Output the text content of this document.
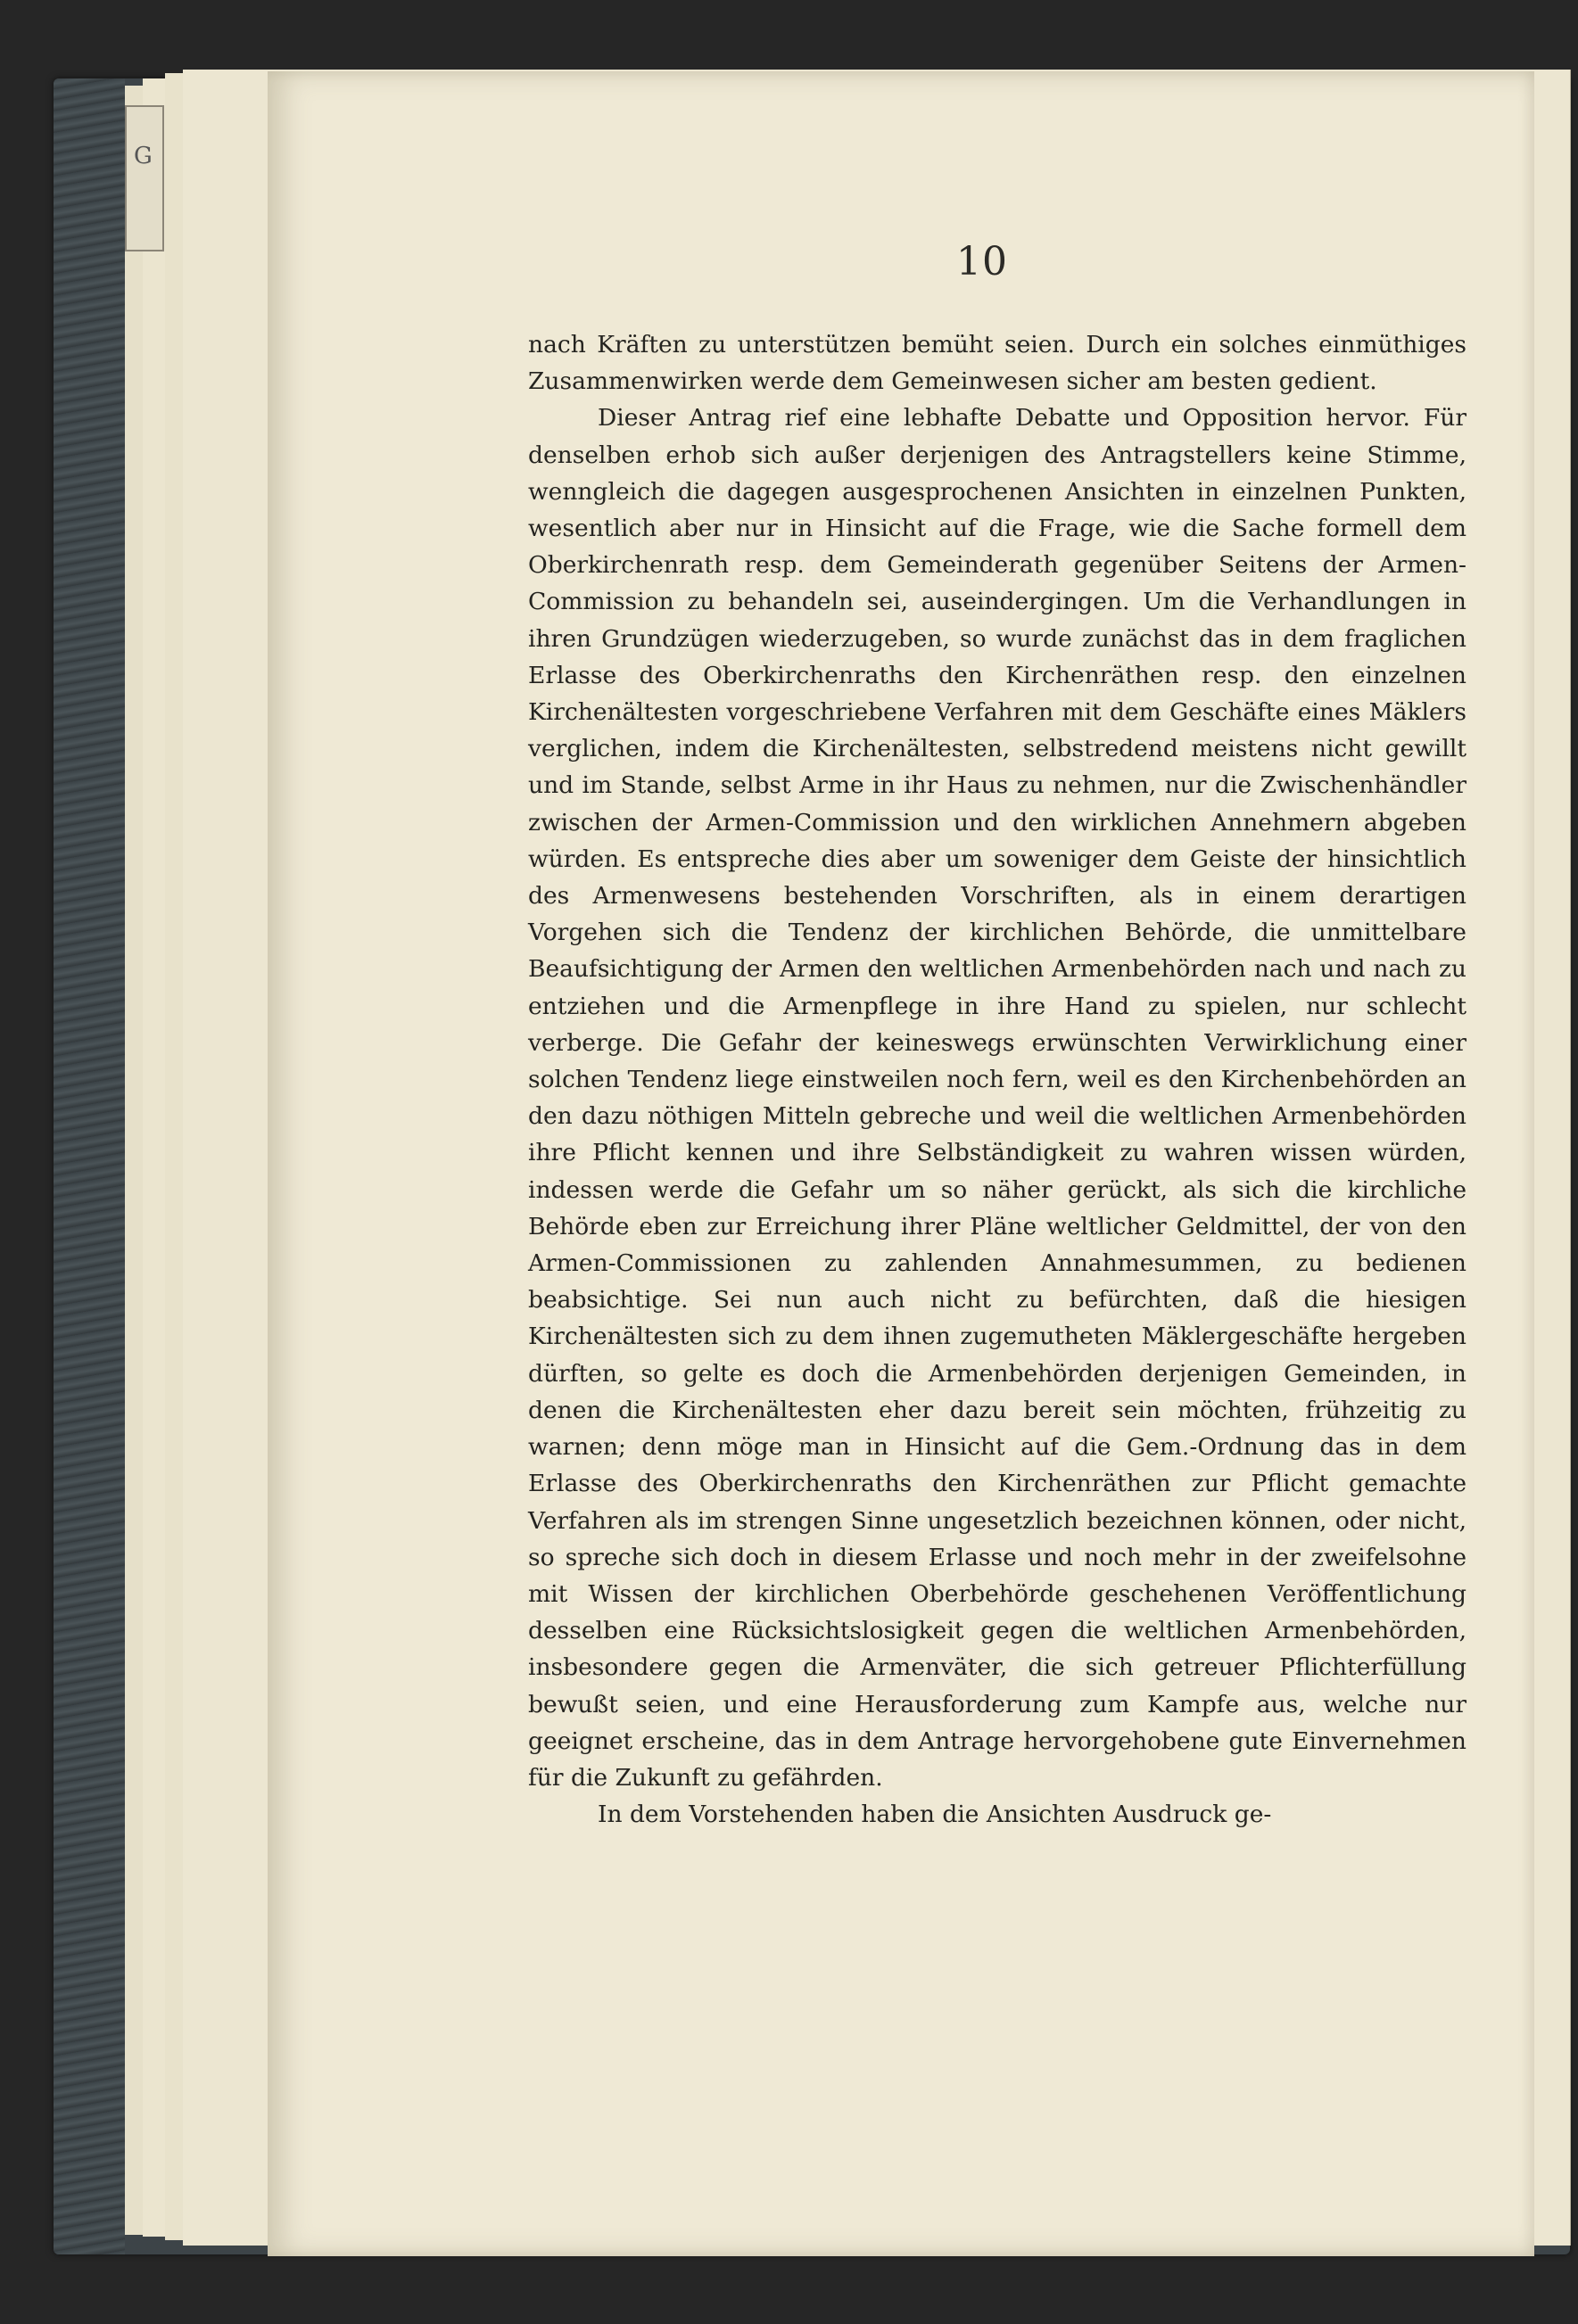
G
10

nach Kräften zu unterstützen bemüht seien. Durch ein solches einmüthiges Zusammenwirken werde dem Gemeinwesen sicher am besten gedient.

Dieser Antrag rief eine lebhafte Debatte und Opposition hervor. Für denselben erhob sich außer derjenigen des Antragstellers keine Stimme, wenngleich die dagegen ausgesprochenen Ansichten in einzelnen Punkten, wesentlich aber nur in Hinsicht auf die Frage, wie die Sache formell dem Oberkirchenrath resp. dem Gemeinderath gegenüber Seitens der Armen-Commission zu behandeln sei, auseindergingen. Um die Verhandlungen in ihren Grundzügen wiederzugeben, so wurde zunächst das in dem fraglichen Erlasse des Oberkirchenraths den Kirchenräthen resp. den einzelnen Kirchenältesten vorgeschriebene Verfahren mit dem Geschäfte eines Mäklers verglichen, indem die Kirchenältesten, selbstredend meistens nicht gewillt und im Stande, selbst Arme in ihr Haus zu nehmen, nur die Zwischenhändler zwischen der Armen-Commission und den wirklichen Annehmern abgeben würden. Es entspreche dies aber um soweniger dem Geiste der hinsichtlich des Armenwesens bestehenden Vorschriften, als in einem derartigen Vorgehen sich die Tendenz der kirchlichen Behörde, die unmittelbare Beaufsichtigung der Armen den weltlichen Armenbehörden nach und nach zu entziehen und die Armenpflege in ihre Hand zu spielen, nur schlecht verberge. Die Gefahr der keineswegs erwünschten Verwirklichung einer solchen Tendenz liege einstweilen noch fern, weil es den Kirchenbehörden an den dazu nöthigen Mitteln gebreche und weil die weltlichen Armenbehörden ihre Pflicht kennen und ihre Selbständigkeit zu wahren wissen würden, indessen werde die Gefahr um so näher gerückt, als sich die kirchliche Behörde eben zur Erreichung ihrer Pläne weltlicher Geldmittel, der von den Armen-Commissionen zu zahlenden Annahmesummen, zu bedienen beabsichtige. Sei nun auch nicht zu befürchten, daß die hiesigen Kirchenältesten sich zu dem ihnen zugemutheten Mäklergeschäfte hergeben dürften, so gelte es doch die Armenbehörden derjenigen Gemeinden, in denen die Kirchenältesten eher dazu bereit sein möchten, frühzeitig zu warnen; denn möge man in Hinsicht auf die Gem.-Ordnung das in dem Erlasse des Oberkirchenraths den Kirchenräthen zur Pflicht gemachte Verfahren als im strengen Sinne ungesetzlich bezeichnen können, oder nicht, so spreche sich doch in diesem Erlasse und noch mehr in der zweifelsohne mit Wissen der kirchlichen Oberbehörde geschehenen Veröffentlichung desselben eine Rücksichtslosigkeit gegen die weltlichen Armenbehörden, insbesondere gegen die Armenväter, die sich getreuer Pflichterfüllung bewußt seien, und eine Herausforderung zum Kampfe aus, welche nur geeignet erscheine, das in dem Antrage hervorgehobene gute Einvernehmen für die Zukunft zu gefährden.

In dem Vorstehenden haben die Ansichten Ausdruck ge-
